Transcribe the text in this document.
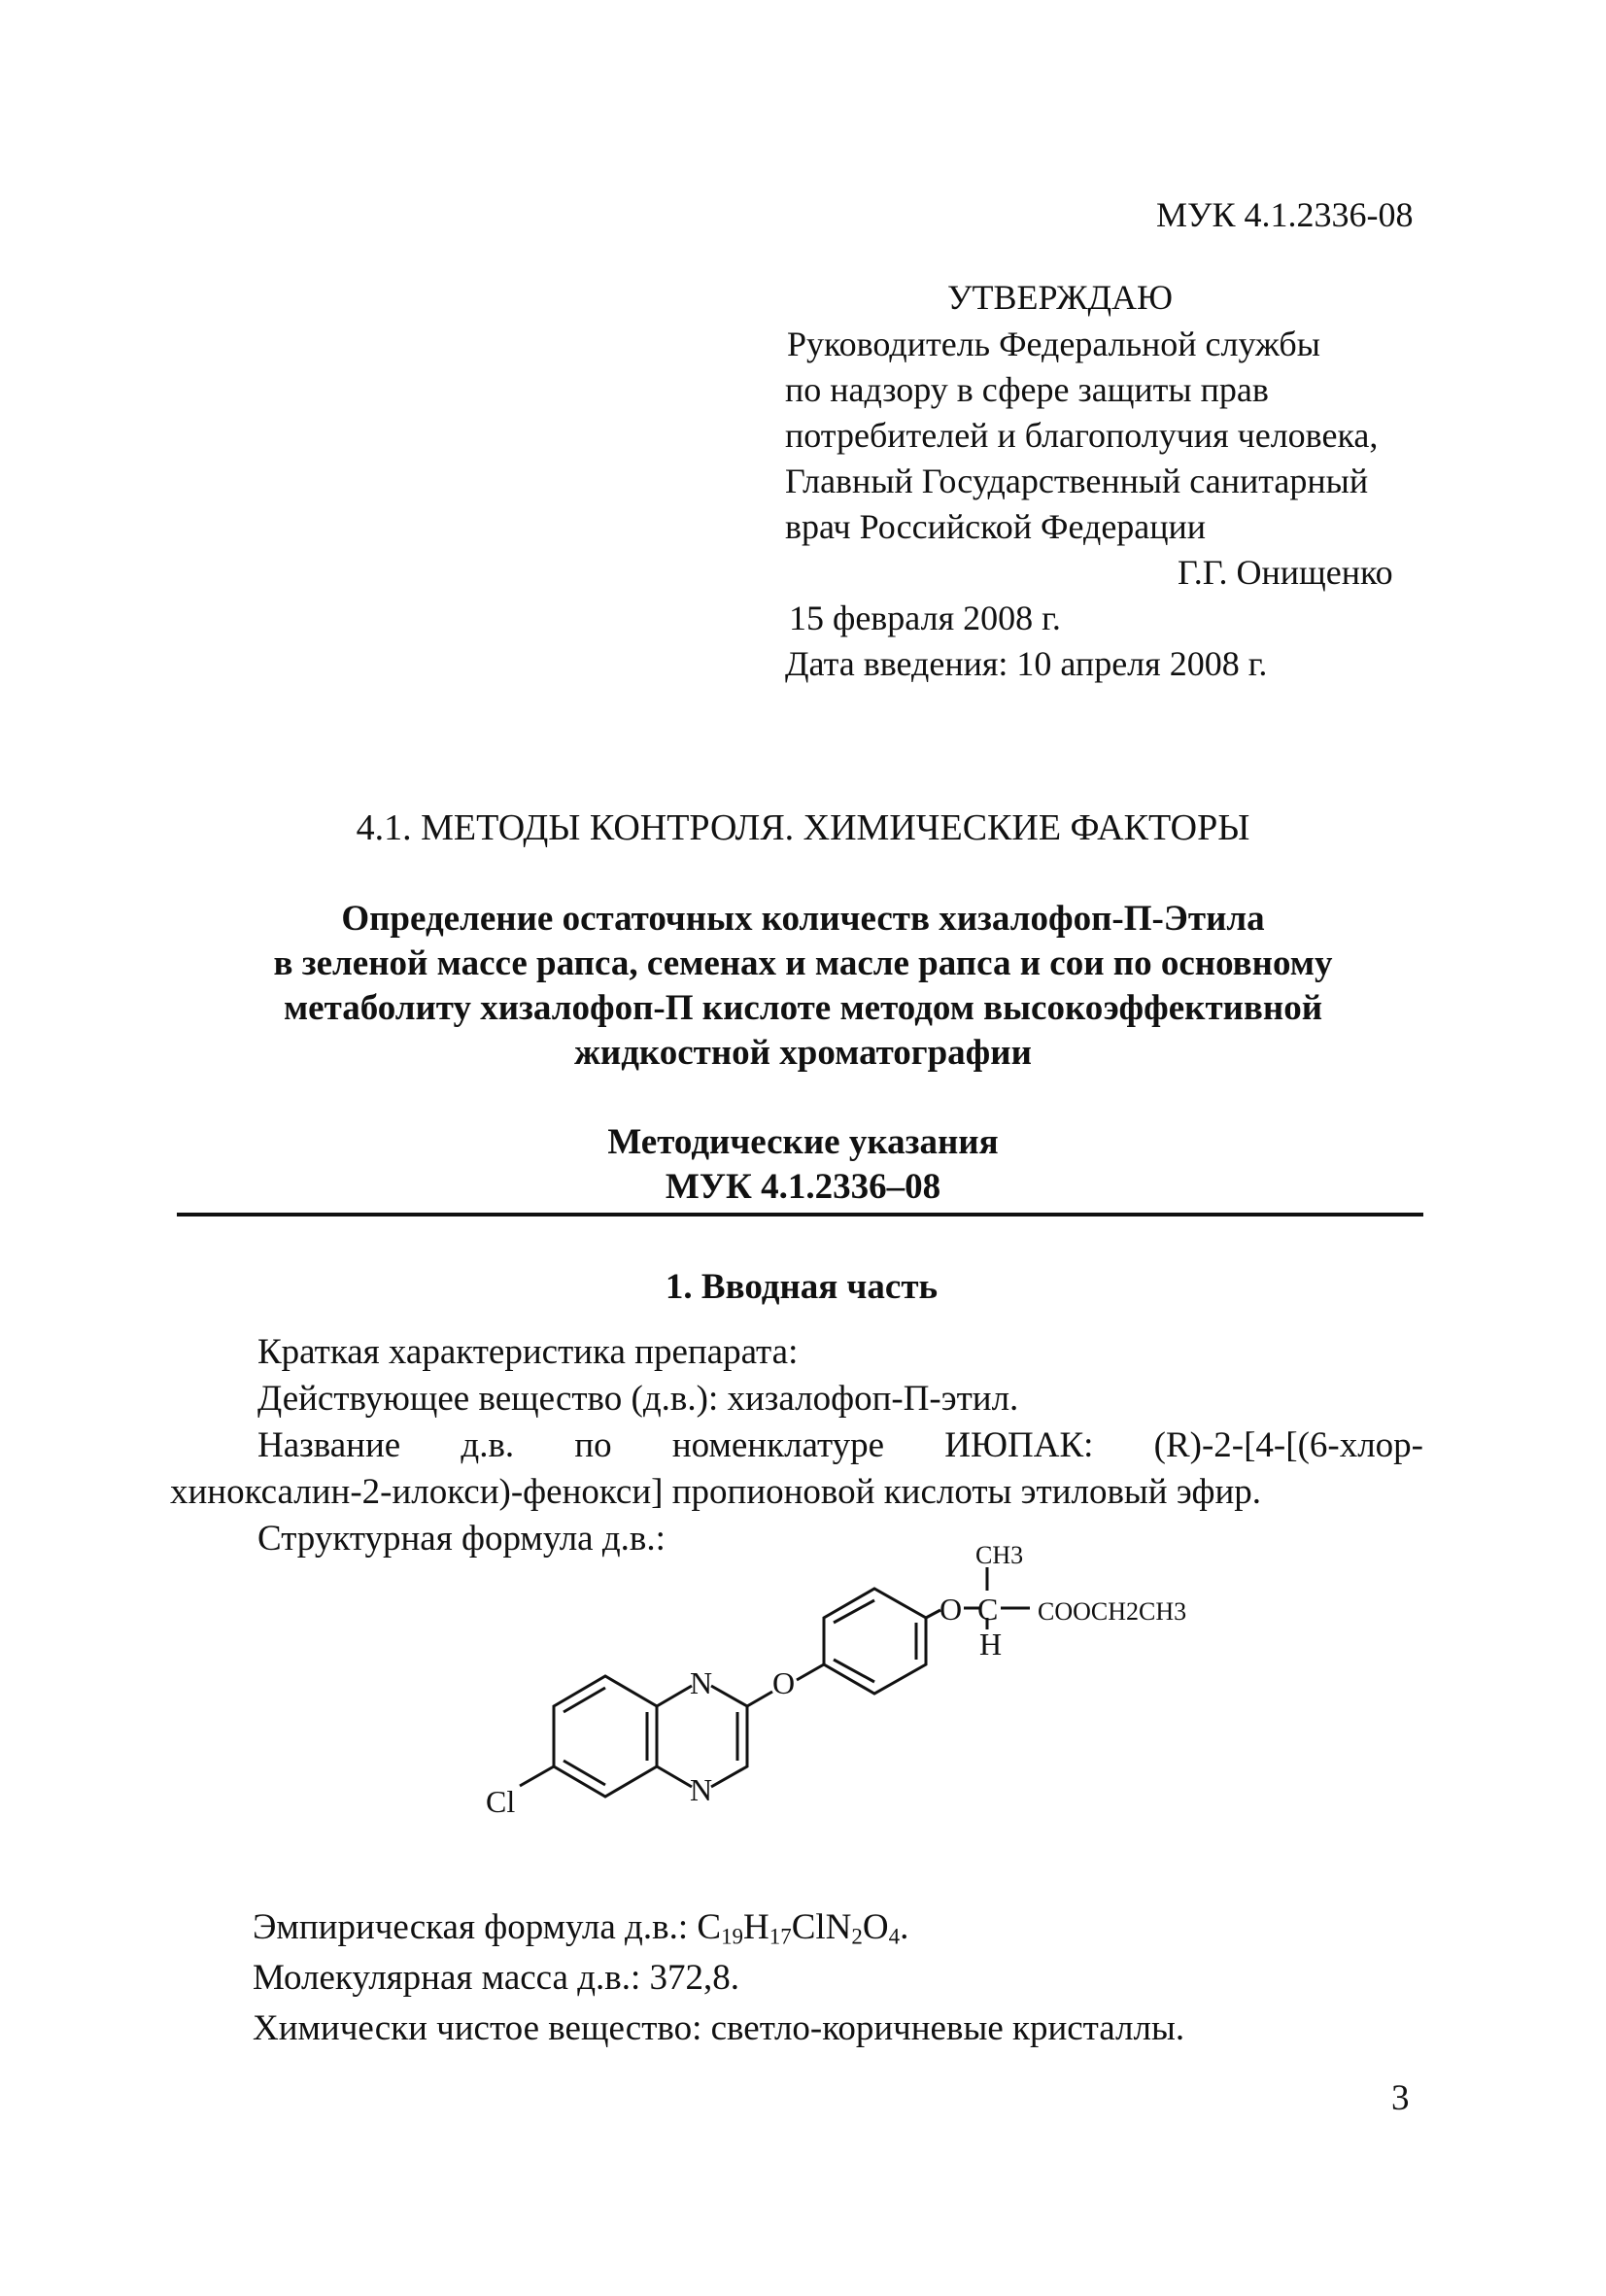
МУК 4.1.2336-08
УТВЕРЖДАЮ
Руководитель Федеральной службы
по надзору в сфере защиты прав
потребителей и благополучия человека,
Главный Государственный санитарный
врач Российской Федерации
Г.Г. Онищенко
15 февраля 2008 г.
Дата введения: 10 апреля 2008 г.
4.1. МЕТОДЫ КОНТРОЛЯ. ХИМИЧЕСКИЕ ФАКТОРЫ
Определение остаточных количеств хизалофоп-П-Этила
в зеленой массе рапса, семенах и масле рапса и сои по основному
метаболиту хизалофоп-П кислоте методом высокоэффективной
жидкостной хроматографии
Методические указания
МУК 4.1.2336–08
1. Вводная часть
Краткая характеристика препарата:
Действующее вещество (д.в.): хизалофоп-П-этил.
Название д.в. по номенклатуре ИЮПАК: (R)-2-[4-[(6-хлор-
хиноксалин-2-илокси)-фенокси] пропионовой кислоты этиловый эфир.
Структурная формула д.в.:
Cl
N
N
O
O C
CH3
H
COOCH2CH3
Эмпирическая формула д.в.: $C_{19}H_{17}ClN_2O_4$.
Молекулярная масса д.в.: 372,8.
Химически чистое вещество: светло-коричневые кристаллы.
3
